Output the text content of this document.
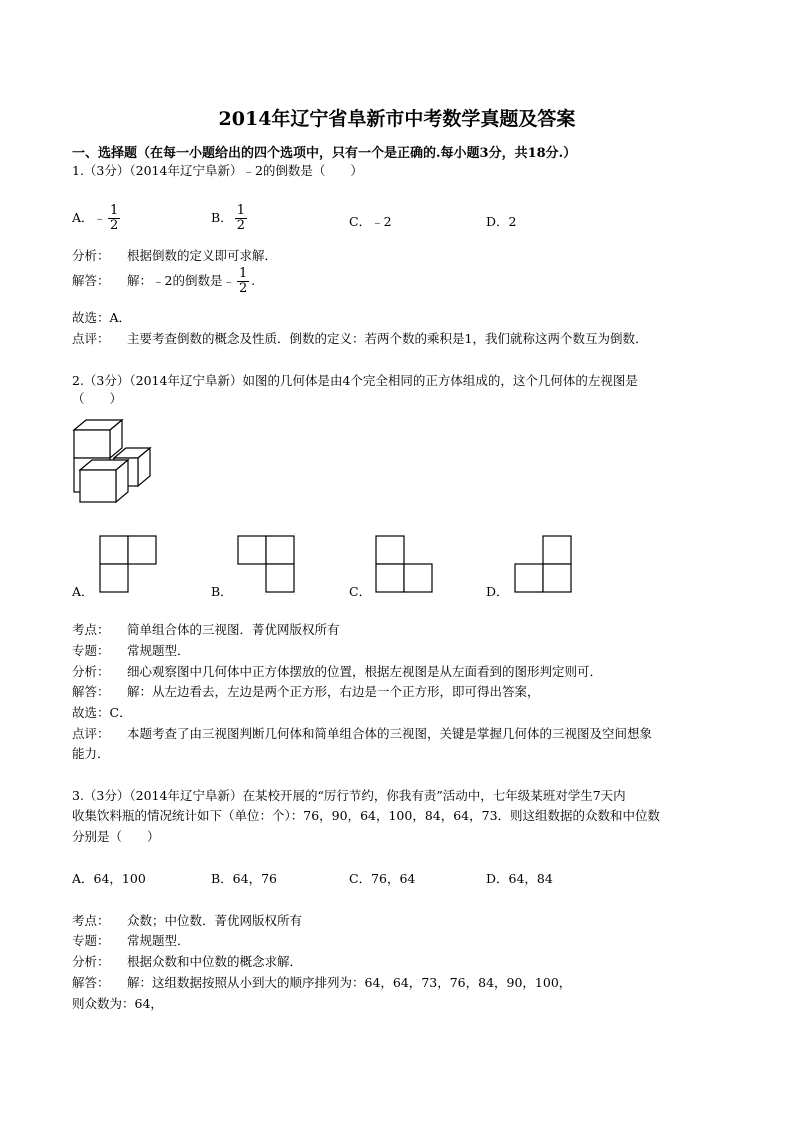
2014年辽宁省阜新市中考数学真题及答案
一、选择题（在每一小题给出的四个选项中，只有一个是正确的.每小题3分，共18分.）
1.（3分）（2014年辽宁阜新）﹣2的倒数是（　　）
A．﹣ $\frac{1}{2}$	B． $\frac{1}{2}$	C．﹣2	D．2
分析： 根据倒数的定义即可求解．
解答： 解：﹣2的倒数是﹣ $\frac{1}{2}$ .
故选：A．
点评： 主要考查倒数的概念及性质．倒数的定义：若两个数的乘积是1，我们就称这两个数互为倒数．
2.（3分）（2014年辽宁阜新）如图的几何体是由4个完全相同的正方体组成的，这个几何体的左视图是
（　　）
A．	B．	C．	D．
考点： 简单组合体的三视图．菁优网版权所有
专题： 常规题型．
分析： 细心观察图中几何体中正方体摆放的位置，根据左视图是从左面看到的图形判定则可．
解答： 解：从左边看去，左边是两个正方形，右边是一个正方形，即可得出答案，
故选：C．
点评： 本题考查了由三视图判断几何体和简单组合体的三视图，关键是掌握几何体的三视图及空间想象
能力．
3.（3分）（2014年辽宁阜新）在某校开展的“厉行节约，你我有责”活动中，七年级某班对学生7天内
收集饮料瓶的情况统计如下（单位：个）：76，90，64，100，84，64，73．则这组数据的众数和中位数
分别是（　　）
A．64，100	B．64，76	C．76，64	D．64，84
考点： 众数；中位数．菁优网版权所有
专题： 常规题型．
分析： 根据众数和中位数的概念求解．
解答： 解：这组数据按照从小到大的顺序排列为：64，64，73，76，84，90，100，
则众数为：64，
